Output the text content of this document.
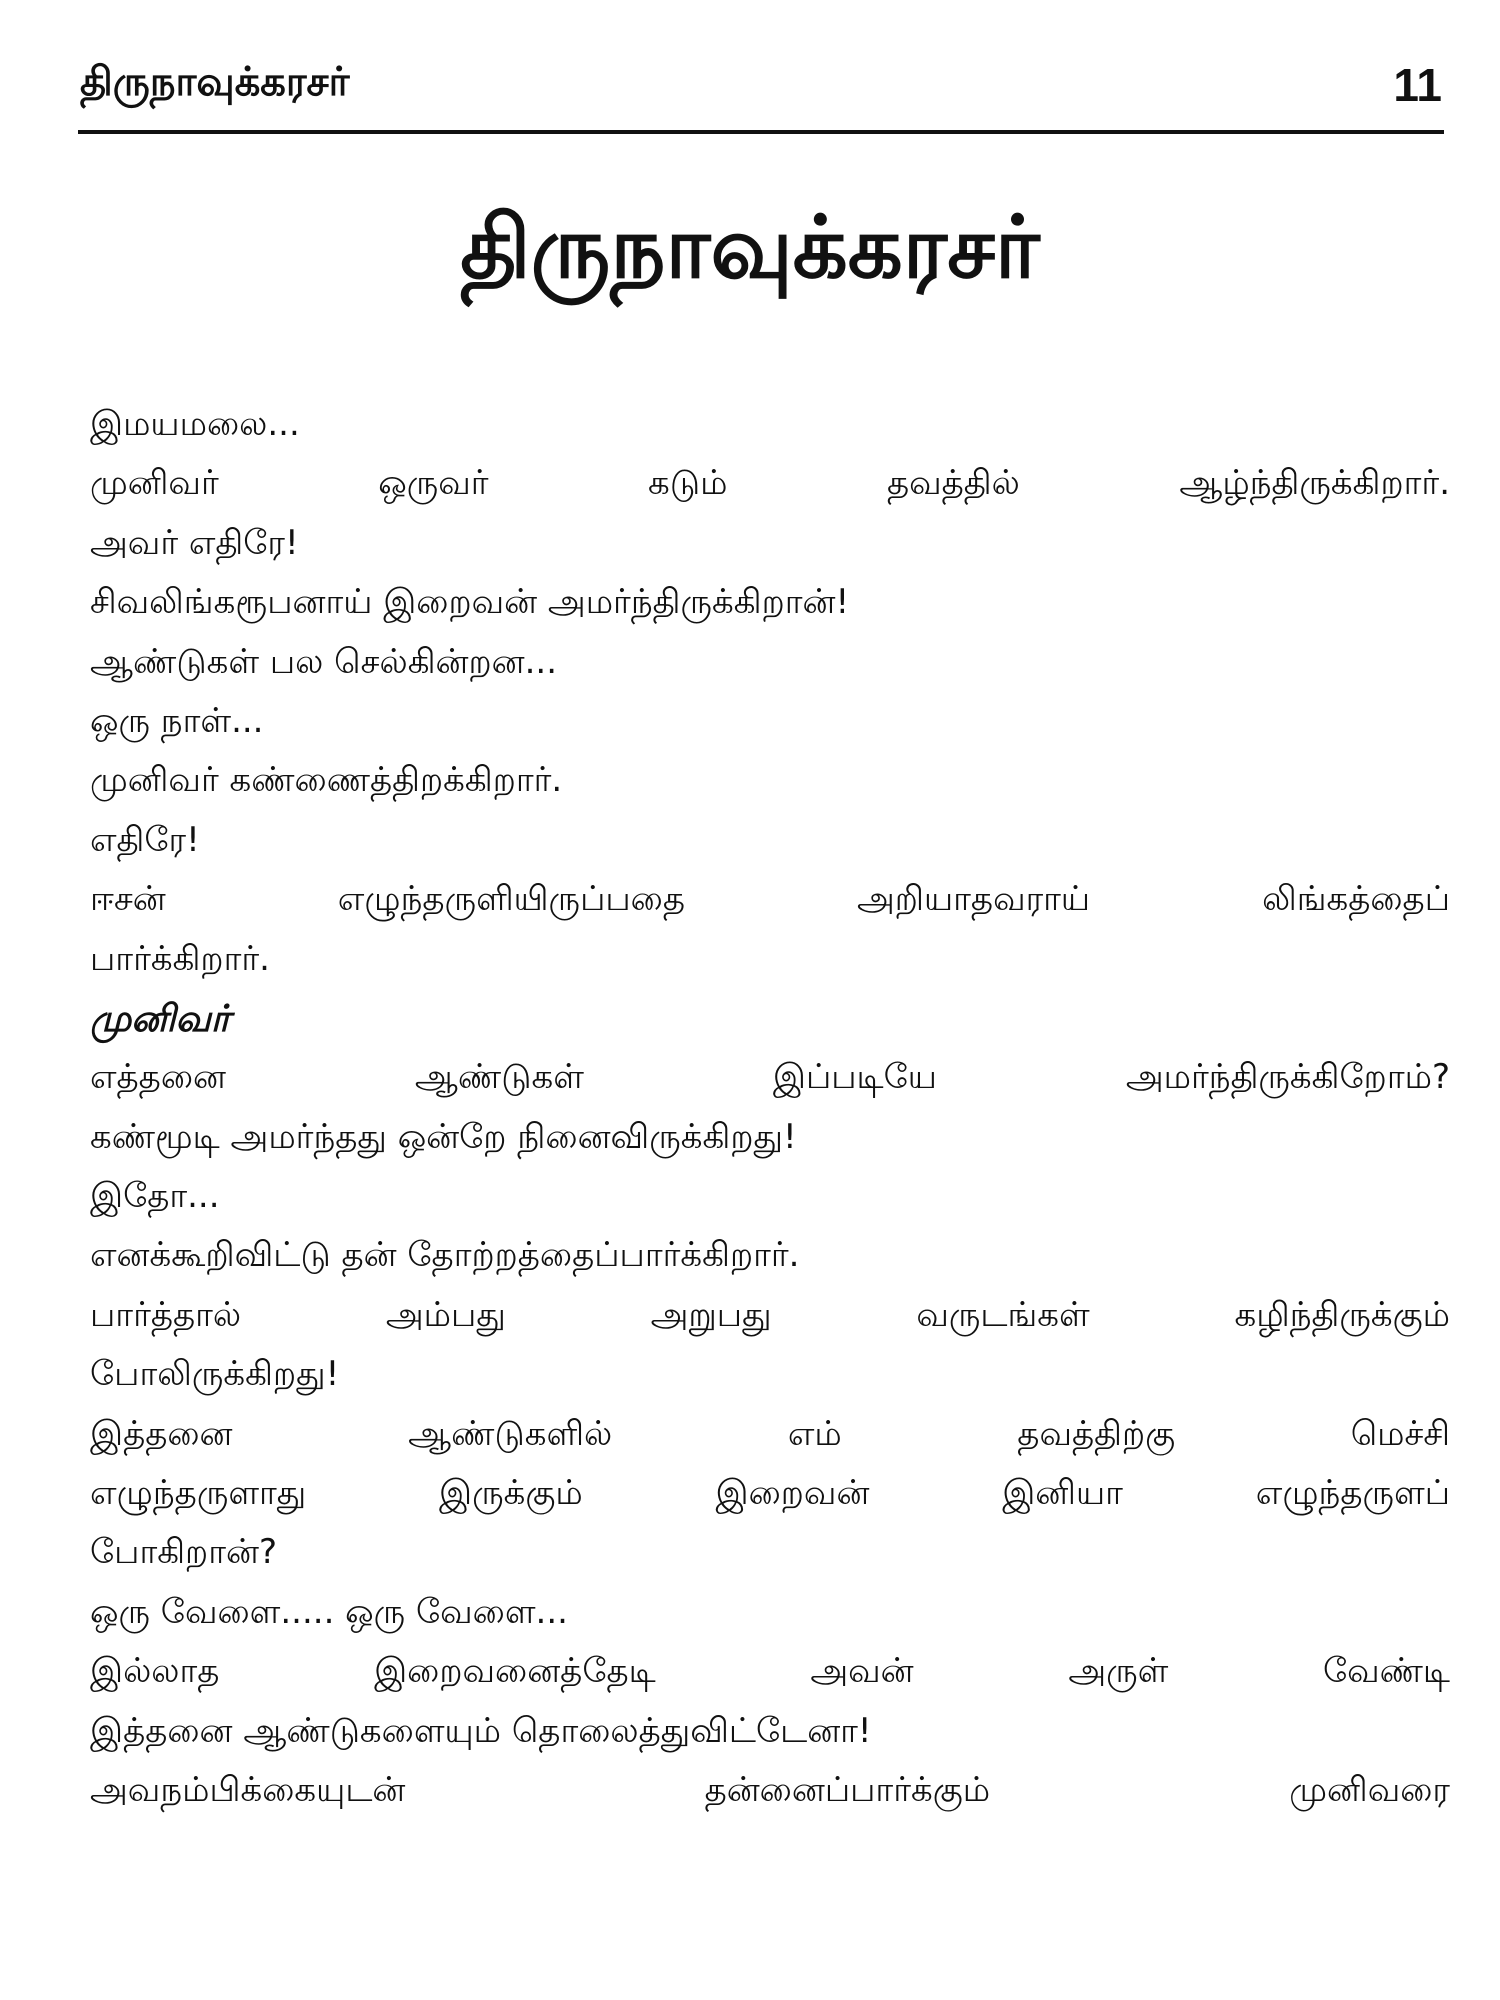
திருநாவுக்கரசர்	11
திருநாவுக்கரசர்
இமயமலை...
முனிவர் ஒருவர் கடும் தவத்தில் ஆழ்ந்திருக்கிறார்.
அவர் எதிரே!
சிவலிங்கரூபனாய் இறைவன் அமர்ந்திருக்கிறான்!
ஆண்டுகள் பல செல்கின்றன...
ஒரு நாள்...
முனிவர் கண்ணைத்திறக்கிறார்.
எதிரே!
ஈசன் எழுந்தருளியிருப்பதை அறியாதவராய் லிங்கத்தைப்
பார்க்கிறார்.
முனிவர்
எத்தனை ஆண்டுகள் இப்படியே அமர்ந்திருக்கிறோம்?
கண்மூடி அமர்ந்தது ஒன்றே நினைவிருக்கிறது!
இதோ...
எனக்கூறிவிட்டு தன் தோற்றத்தைப்பார்க்கிறார்.
பார்த்தால் அம்பது அறுபது வருடங்கள் கழிந்திருக்கும்
போலிருக்கிறது!
இத்தனை ஆண்டுகளில் எம் தவத்திற்கு மெச்சி
எழுந்தருளாது இருக்கும் இறைவன் இனியா எழுந்தருளப்
போகிறான்?
ஒரு வேளை..... ஒரு வேளை...
இல்லாத இறைவனைத்தேடி அவன் அருள் வேண்டி
இத்தனை ஆண்டுகளையும் தொலைத்துவிட்டேனா!
அவநம்பிக்கையுடன் தன்னைப்பார்க்கும் முனிவரை
